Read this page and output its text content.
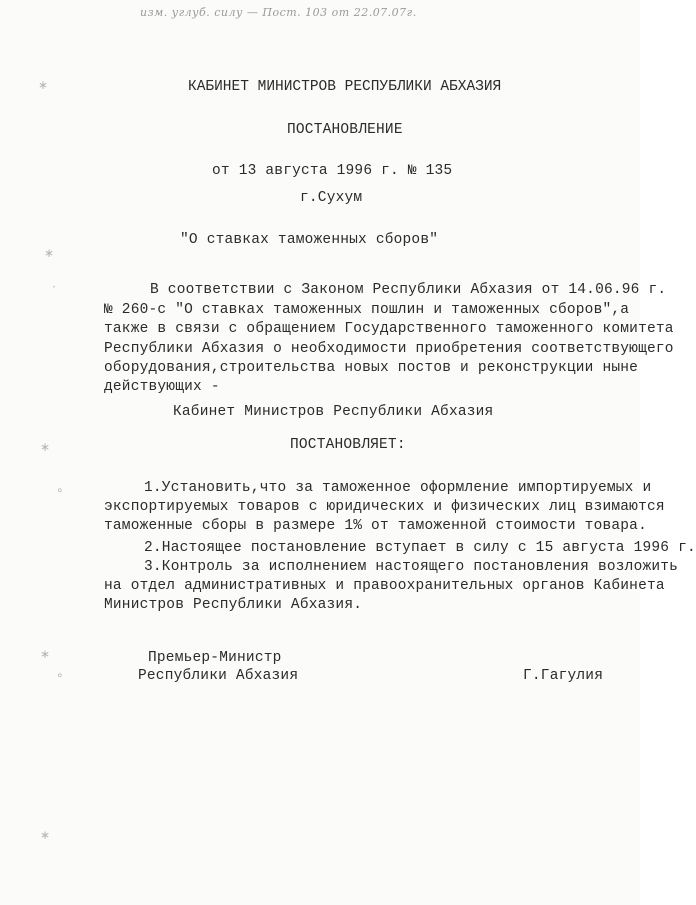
изм. углуб. силу — Пост. 103 от 22.07.07г.
∗
∗
·
∗
∘
∗
∘
∗
КАБИНЕТ МИНИСТРОВ РЕСПУБЛИКИ АБХАЗИЯ
ПОСТАНОВЛЕНИЕ
от 13 августа 1996 г. № 135
г.Сухум
"О ставках таможенных сборов"
В соответствии с Законом Республики Абхазия от 14.06.96 г.
№ 260-с "О ставках таможенных пошлин и таможенных сборов",а
также в связи с обращением Государственного таможенного комитета
Республики Абхазия о необходимости приобретения соответствующего
оборудования,строительства новых постов и реконструкции ныне
действующих -
Кабинет Министров Республики Абхазия
ПОСТАНОВЛЯЕТ:
1.Установить,что за таможенное оформление импортируемых и
экспортируемых товаров с юридических и физических лиц взимаются
таможенные сборы в размере 1% от таможенной стоимости товара.
2.Настоящее постановление вступает в силу с 15 августа 1996 г.
3.Контроль за исполнением настоящего постановления возложить
на отдел административных и правоохранительных органов Кабинета
Министров Республики Абхазия.
Премьер-Министр
Республики Абхазия	Г.Гагулия
